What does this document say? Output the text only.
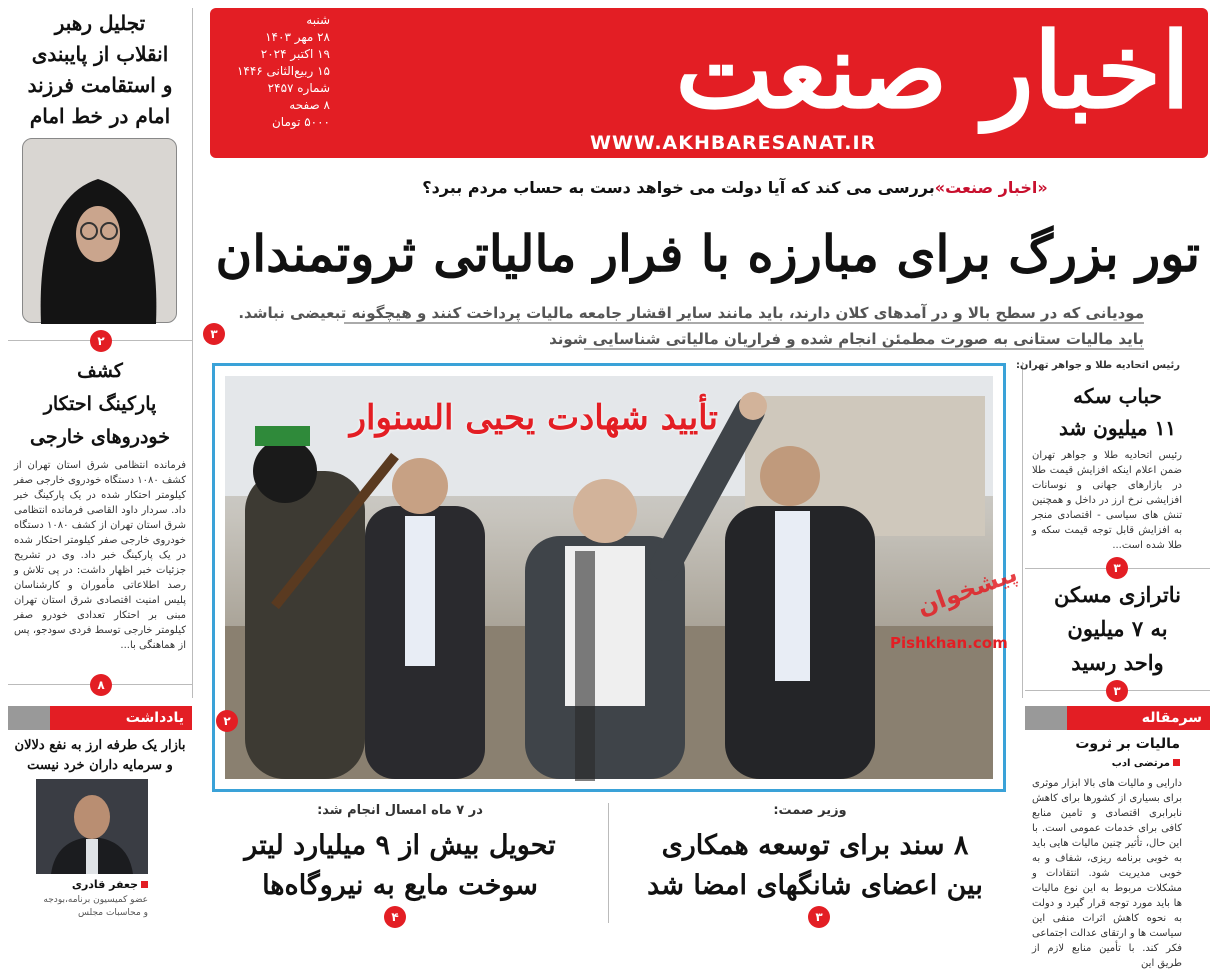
اخبار صنعت
WWW.AKHBARESANAT.IR
شنبه
۲۸ مهر ۱۴۰۳
۱۹ اکتبر ۲۰۲۴
۱۵ ربیع‌الثانی ۱۴۴۶
شماره ۲۴۵۷
۸ صفحه
۵۰۰۰ تومان
«اخبار صنعت»بررسی می کند که آیا دولت می خواهد دست به حساب مردم ببرد؟
تور بزرگ برای مبارزه با فرار مالیاتی ثروتمندان
مودیانی که در سطح بالا و در آمدهای کلان دارند، باید مانند سایر اقشار جامعه مالیات پرداخت کنند و هیچگونه تبعیضی نباشد.
باید مالیات ستانی به صورت مطمئن انجام شده و فراریان مالیاتی شناسایی شوند
۳
تأیید شهادت یحیی السنوار
پیشخوان
Pishkhan.com
۲
تجلیل رهبر
انقلاب از پایبندی
و استقامت فرزند
امام در خط امام
۲
کشف
پارکینگ احتکار
خودروهای خارجی
فرمانده انتظامی شرق استان تهران از کشف ۱۰۸۰ دستگاه خودروی خارجی صفر کیلومتر احتکار شده در یک پارکینگ خبر داد. سردار داود القاصی فرمانده انتظامی شرق استان تهران از کشف ۱۰۸۰ دستگاه خودروی خارجی صفر کیلومتر احتکار شده در یک پارکینگ خبر داد. وی در تشریح جزئیات خبر اظهار داشت: در پی تلاش و رصد اطلاعاتی مأموران و کارشناسان پلیس امنیت اقتصادی شرق استان تهران مبنی بر احتکار تعدادی خودرو صفر کیلومتر خارجی توسط فردی سودجو، پس از هماهنگی با...
۸
یادداشت
بازار یک طرفه ارز به نفع دلالان
و سرمایه داران خرد نیست
جعفر قادری
عضو کمیسیون برنامه،بودجه
و محاسبات مجلس
رئیس اتحادیه طلا و جواهر تهران:
حباب سکه
۱۱ میلیون شد
رئیس اتحادیه طلا و جواهر تهران ضمن اعلام اینکه افزایش قیمت طلا در بازارهای جهانی و نوسانات افزایشی نرخ ارز در داخل و همچنین تنش های سیاسی - اقتصادی منجر به افزایش قابل توجه قیمت سکه و طلا شده است...
۳
ناترازی مسکن
به ۷ میلیون
واحد رسید
۳
سرمقاله
مالیات بر ثروت
مرتضی ادب
دارایی و مالیات های بالا ابزار موثری برای بسیاری از کشورها برای کاهش نابرابری اقتصادی و تامین منابع کافی برای خدمات عمومی است. با این حال، تأثیر چنین مالیات هایی باید به خوبی برنامه ریزی، شفاف و به خوبی مدیریت شود. انتقادات و مشکلات مربوط به این نوع مالیات ها باید مورد توجه قرار گیرد و دولت به نحوه کاهش اثرات منفی این سیاست ها و ارتقای عدالت اجتماعی فکر کند. با تأمین منابع لازم از طریق این
وزیر صمت:
۸ سند برای توسعه همکاری
بین اعضای شانگهای امضا شد
۳
در ۷ ماه امسال انجام شد:
تحویل بیش از ۹ میلیارد لیتر
سوخت مایع به نیروگاه‌ها
۴
